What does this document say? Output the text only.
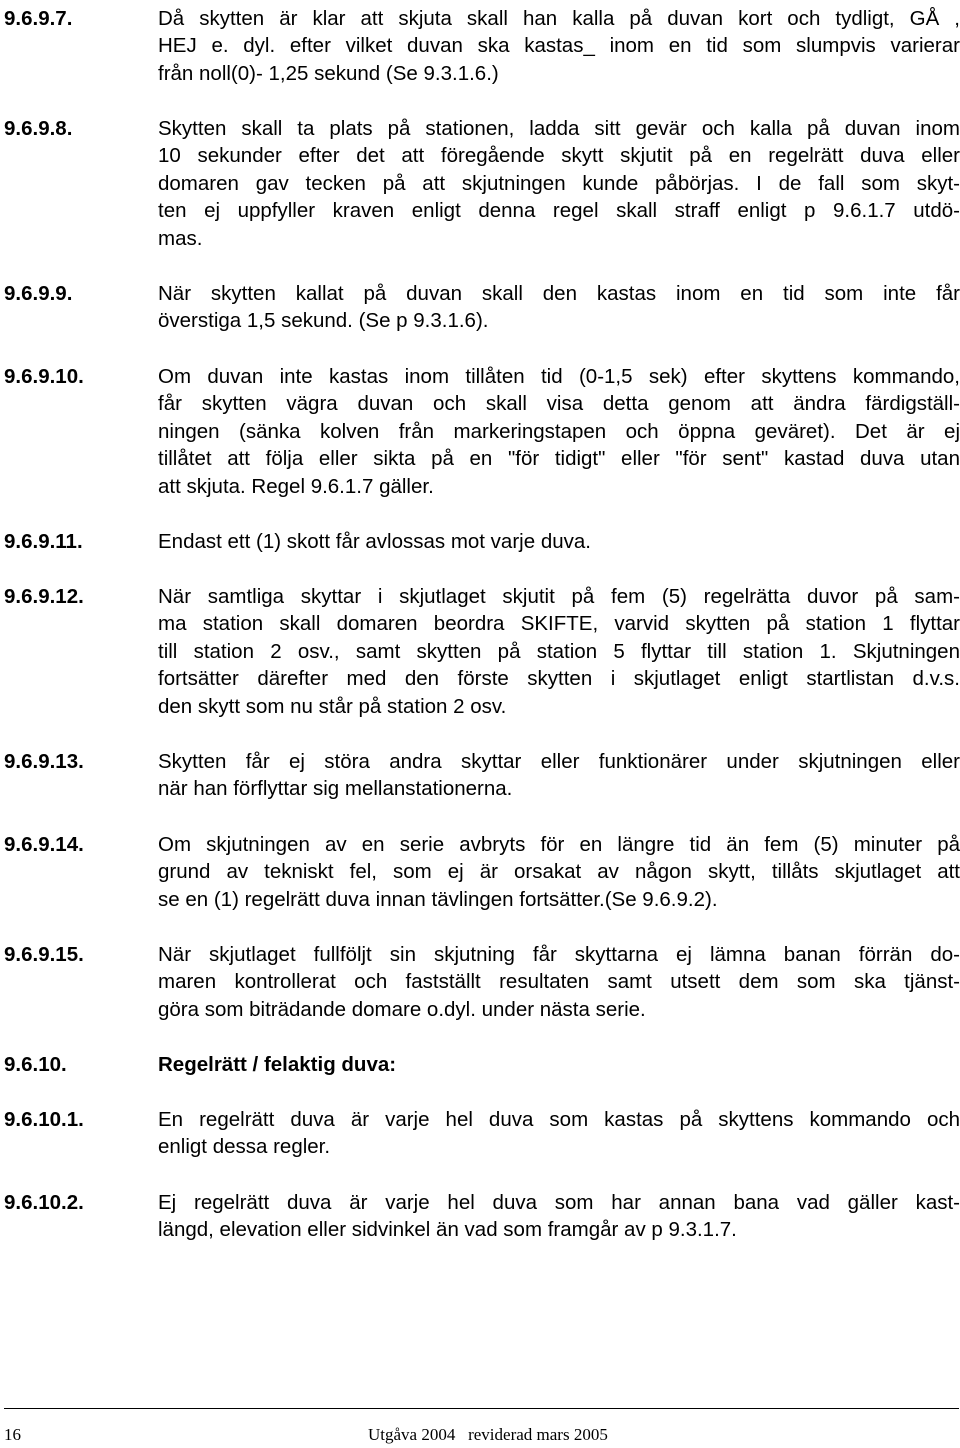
9.6.9.7.	Då skytten är klar att skjuta skall han kalla på duvan kort och tydligt, GÅ ,
HEJ e. dyl. efter vilket duvan ska kastas_ inom en tid som slumpvis varierar
från noll(0)- 1,25 sekund (Se 9.3.1.6.)
9.6.9.8.	Skytten skall ta plats på stationen, ladda sitt gevär och kalla på duvan inom
10 sekunder efter det att föregående skytt skjutit på en regelrätt duva eller
domaren gav tecken på att skjutningen kunde påbörjas. I de fall som skyt-
ten ej uppfyller kraven enligt denna regel skall straff enligt p 9.6.1.7 utdö-
mas.
9.6.9.9.	När skytten kallat på duvan skall den kastas inom en tid som inte får
överstiga 1,5 sekund. (Se p 9.3.1.6).
9.6.9.10.	Om duvan inte kastas inom tillåten tid (0-1,5 sek) efter skyttens kommando,
får skytten vägra duvan och skall visa detta genom att ändra färdigställ-
ningen (sänka kolven från markeringstapen och öppna geväret). Det är ej
tillåtet att följa eller sikta på en "för tidigt" eller "för sent" kastad duva utan
att skjuta. Regel 9.6.1.7 gäller.
9.6.9.11.	Endast ett (1) skott får avlossas mot varje duva.
9.6.9.12.	När samtliga skyttar i skjutlaget skjutit på fem (5) regelrätta duvor på sam-
ma station skall domaren beordra SKIFTE, varvid skytten på station 1 flyttar
till station 2 osv., samt skytten på station 5 flyttar till station 1. Skjutningen
fortsätter därefter med den förste skytten i skjutlaget enligt startlistan d.v.s.
den skytt som nu står på station 2 osv.
9.6.9.13.	Skytten får ej störa andra skyttar eller funktionärer under skjutningen eller
när han förflyttar sig mellanstationerna.
9.6.9.14.	Om skjutningen av en serie avbryts för en längre tid än fem (5) minuter på
grund av tekniskt fel, som ej är orsakat av någon skytt, tillåts skjutlaget att
se en (1) regelrätt duva innan tävlingen fortsätter.(Se 9.6.9.2).
9.6.9.15.	När skjutlaget fullföljt sin skjutning får skyttarna ej lämna banan förrän do-
maren kontrollerat och fastställt resultaten samt utsett dem som ska tjänst-
göra som biträdande domare o.dyl. under nästa serie.
9.6.10.	Regelrätt / felaktig duva:
9.6.10.1.	En regelrätt duva är varje hel duva som kastas på skyttens kommando och
enligt dessa regler.
9.6.10.2.	Ej regelrätt duva är varje hel duva som har annan bana vad gäller kast-
längd, elevation eller sidvinkel än vad som framgår av p 9.3.1.7.
16	Utgåva 2004   reviderad mars 2005
